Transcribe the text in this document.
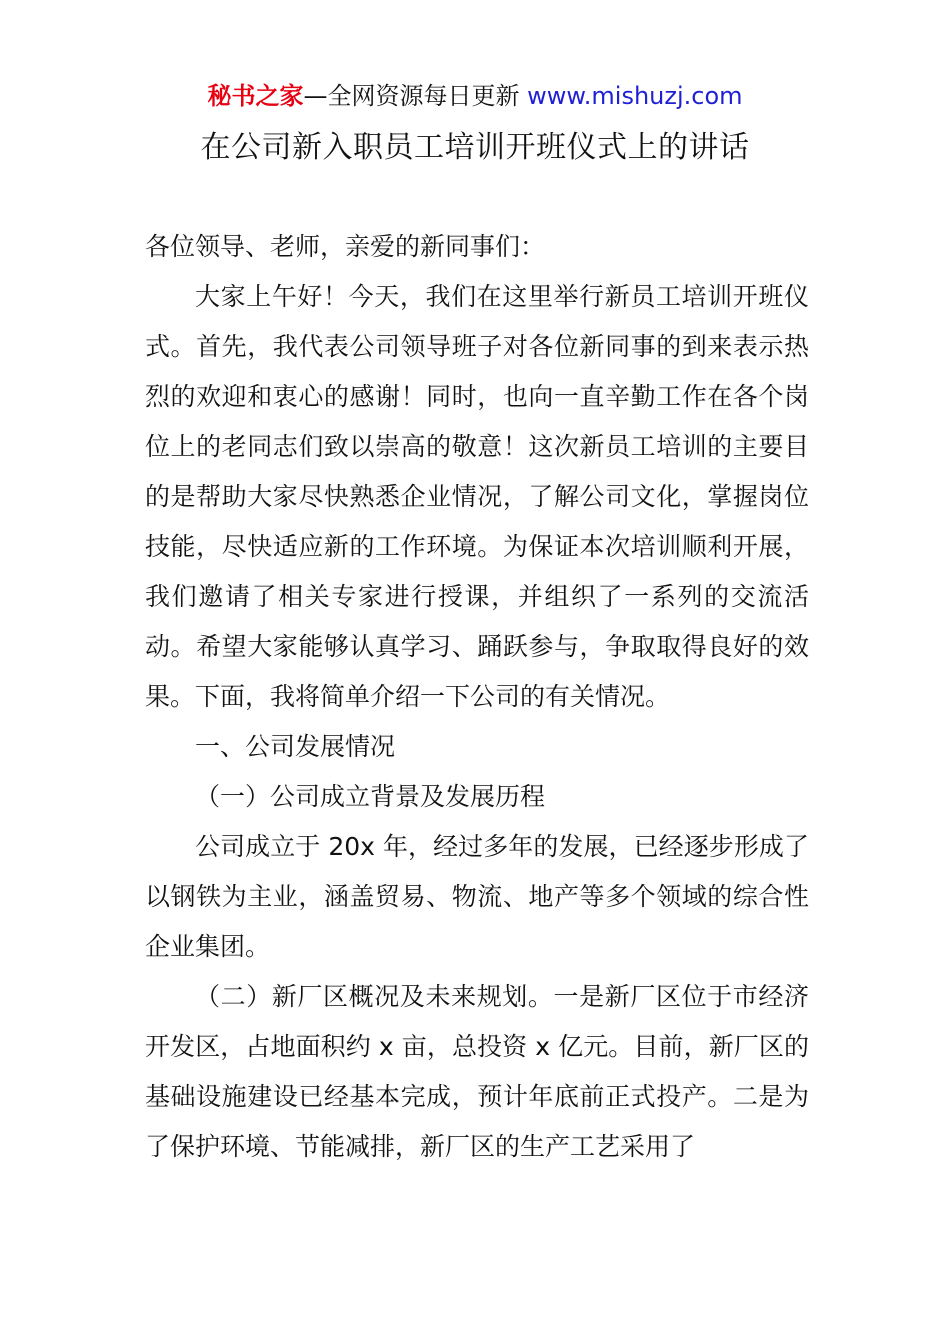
秘书之家—全网资源每日更新 www.mishuzj.com
在公司新入职员工培训开班仪式上的讲话

各位领导、老师，亲爱的新同事们：

大家上午好！今天，我们在这里举行新员工培训开班仪式。首先，我代表公司领导班子对各位新同事的到来表示热烈的欢迎和衷心的感谢！同时，也向一直辛勤工作在各个岗位上的老同志们致以崇高的敬意！这次新员工培训的主要目的是帮助大家尽快熟悉企业情况，了解公司文化，掌握岗位技能，尽快适应新的工作环境。为保证本次培训顺利开展，我们邀请了相关专家进行授课，并组织了一系列的交流活动。希望大家能够认真学习、踊跃参与，争取取得良好的效果。下面，我将简单介绍一下公司的有关情况。

一、公司发展情况

（一）公司成立背景及发展历程

公司成立于 20x 年，经过多年的发展，已经逐步形成了以钢铁为主业，涵盖贸易、物流、地产等多个领域的综合性企业集团。

（二）新厂区概况及未来规划。一是新厂区位于市经济开发区，占地面积约 x 亩，总投资 x 亿元。目前，新厂区的基础设施建设已经基本完成，预计年底前正式投产。二是为了保护环境、节能减排，新厂区的生产工艺采用了
